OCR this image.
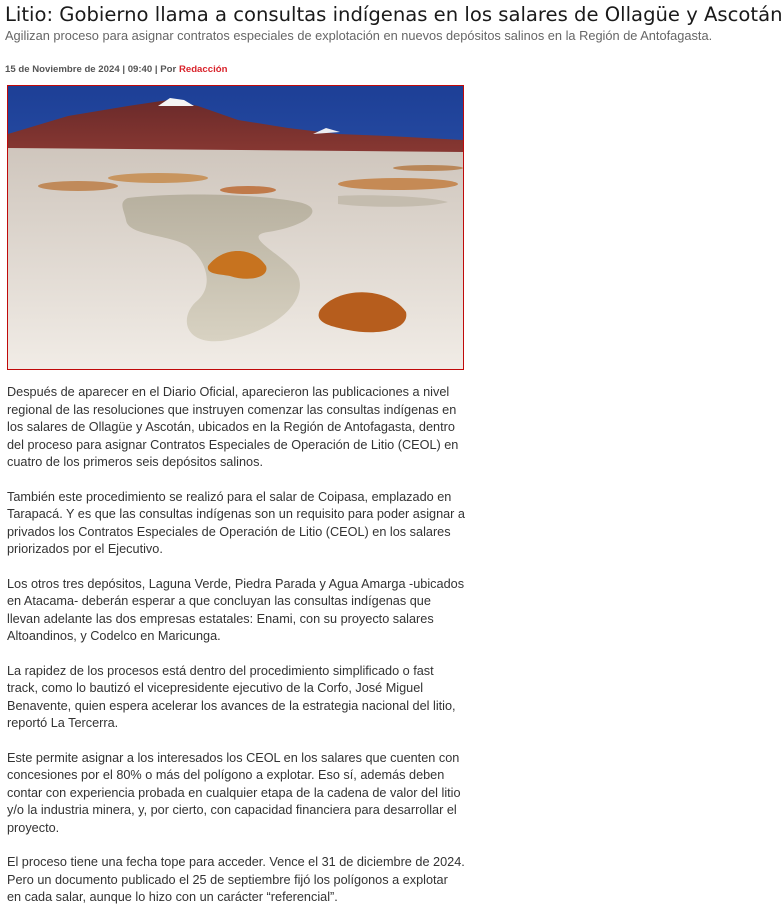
Litio: Gobierno llama a consultas indígenas en los salares de Ollagüe y Ascotán
Agilizan proceso para asignar contratos especiales de explotación en nuevos depósitos salinos en la Región de Antofagasta.
15 de Noviembre de 2024 | 09:40 | Por Redacción

Después de aparecer en el Diario Oficial, aparecieron las publicaciones a nivel regional de las resoluciones que instruyen comenzar las consultas indígenas en los salares de Ollagüe y Ascotán, ubicados en la Región de Antofagasta, dentro del proceso para asignar Contratos Especiales de Operación de Litio (CEOL) en cuatro de los primeros seis depósitos salinos.

También este procedimiento se realizó para el salar de Coipasa, emplazado en Tarapacá. Y es que las consultas indígenas son un requisito para poder asignar a privados los Contratos Especiales de Operación de Litio (CEOL) en los salares priorizados por el Ejecutivo.

Los otros tres depósitos, Laguna Verde, Piedra Parada y Agua Amarga -ubicados en Atacama- deberán esperar a que concluyan las consultas indígenas que llevan adelante las dos empresas estatales: Enami, con su proyecto salares Altoandinos, y Codelco en Maricunga.

La rapidez de los procesos está dentro del procedimiento simplificado o fast track, como lo bautizó el vicepresidente ejecutivo de la Corfo, José Miguel Benavente, quien espera acelerar los avances de la estrategia nacional del litio, reportó La Tercerra.

Este permite asignar a los interesados los CEOL en los salares que cuenten con concesiones por el 80% o más del polígono a explotar. Eso sí, además deben contar con experiencia probada en cualquier etapa de la cadena de valor del litio y/o la industria minera, y, por cierto, con capacidad financiera para desarrollar el proyecto.

El proceso tiene una fecha tope para acceder. Vence el 31 de diciembre de 2024. Pero un documento publicado el 25 de septiembre fijó los polígonos a explotar en cada salar, aunque lo hizo con un carácter “referencial”.
